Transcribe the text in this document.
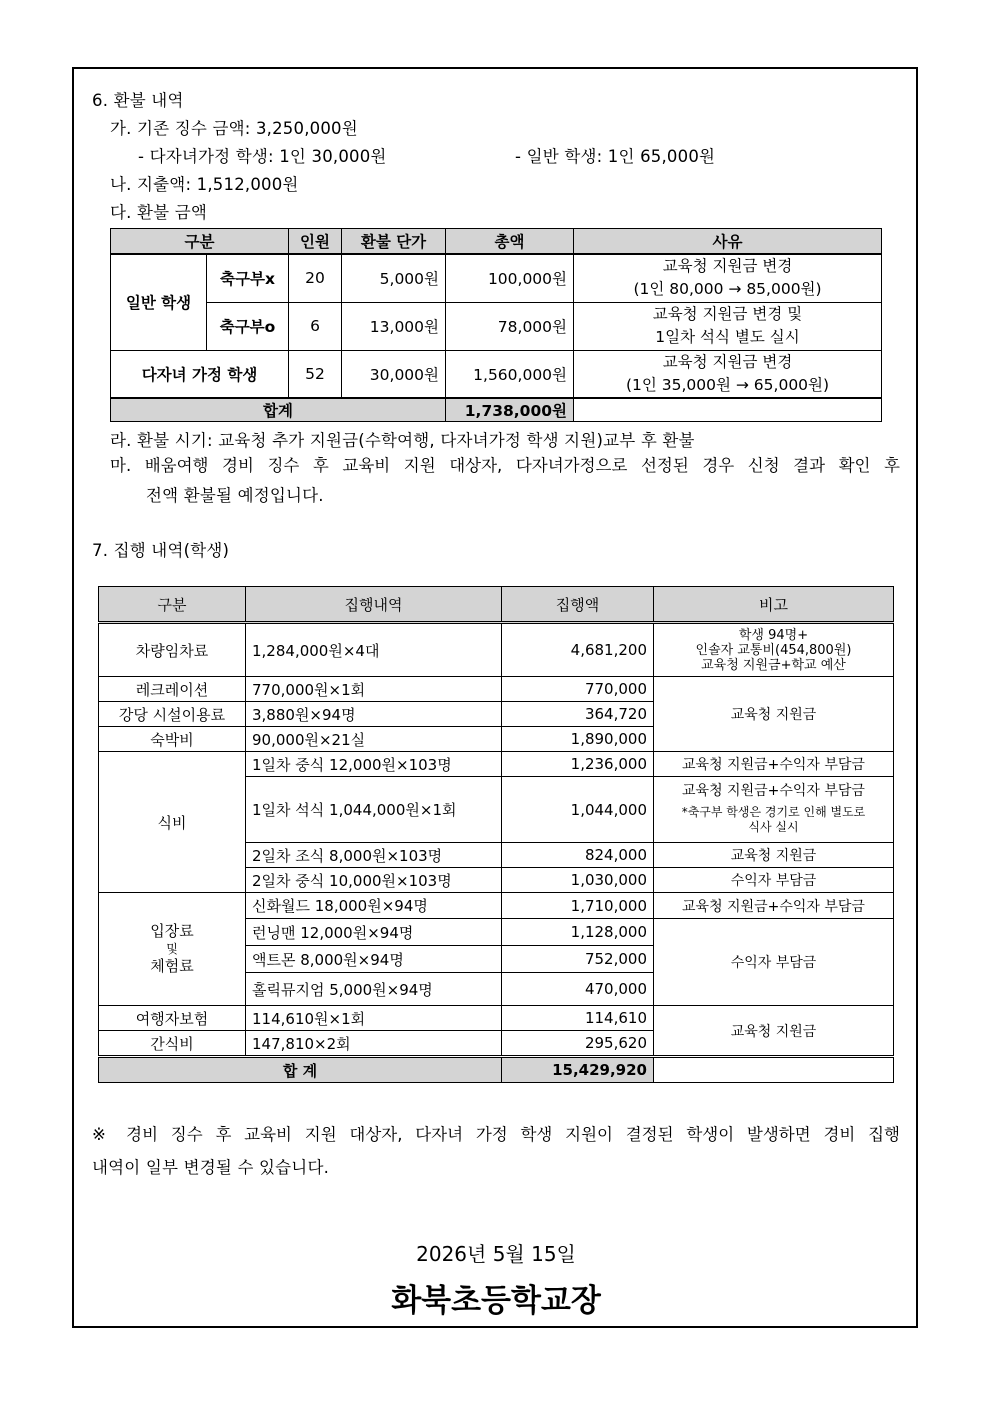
6. 환불 내역
가. 기존 징수 금액: 3,250,000원
- 다자녀가정 학생: 1인 30,000원	- 일반 학생: 1인 65,000원
나. 지출액: 1,512,000원
다. 환불 금액
구분		인원	환불 단가	총액	사유
일반 학생	축구부x	20	5,000원	100,000원	교육청 지원금 변경
(1인 80,000 → 85,000원)
	축구부o	6	13,000원	78,000원	교육청 지원금 변경 및
1일차 석식 별도 실시
다자녀 가정 학생		52	30,000원	1,560,000원	교육청 지원금 변경
(1인 35,000원 → 65,000원)
합계				1,738,000원	
라. 환불 시기: 교육청 추가 지원금(수학여행, 다자녀가정 학생 지원)교부 후 환불
마. 배움여행 경비 징수 후 교육비 지원 대상자, 다자녀가정으로 선정된 경우 신청 결과 확인 후
전액 환불될 예정입니다.
7. 집행 내역(학생)
구분	집행내역	집행액	비고
차량임차료	1,284,000원×4대	4,681,200	학생 94명+
인솔자 교통비(454,800원)
교육청 지원금+학교 예산
레크레이션	770,000원×1회	770,000	교육청 지원금
강당 시설이용료	3,880원×94명	364,720	
숙박비	90,000원×21실	1,890,000	
식비	1일차 중식 12,000원×103명	1,236,000	교육청 지원금+수익자 부담금
	1일차 석식 1,044,000원×1회	1,044,000	교육청 지원금+수익자 부담금

*축구부 학생은 경기로 인해 별도로
식사 실시
	2일차 조식 8,000원×103명	824,000	교육청 지원금
	2일차 중식 10,000원×103명	1,030,000	수익자 부담금
입장료
및
체험료	신화월드 18,000원×94명	1,710,000	교육청 지원금+수익자 부담금
	런닝맨 12,000원×94명	1,128,000	수익자 부담금
	액트몬 8,000원×94명	752,000	
	홀릭뮤지엄 5,000원×94명	470,000	
여행자보험	114,610원×1회	114,610	교육청 지원금
간식비	147,810×2회	295,620	
합 계		15,429,920	
※ 경비 징수 후 교육비 지원 대상자, 다자녀 가정 학생 지원이 결정된 학생이 발생하면 경비 집행
내역이 일부 변경될 수 있습니다.
2026년 5월 15일
화북초등학교장
